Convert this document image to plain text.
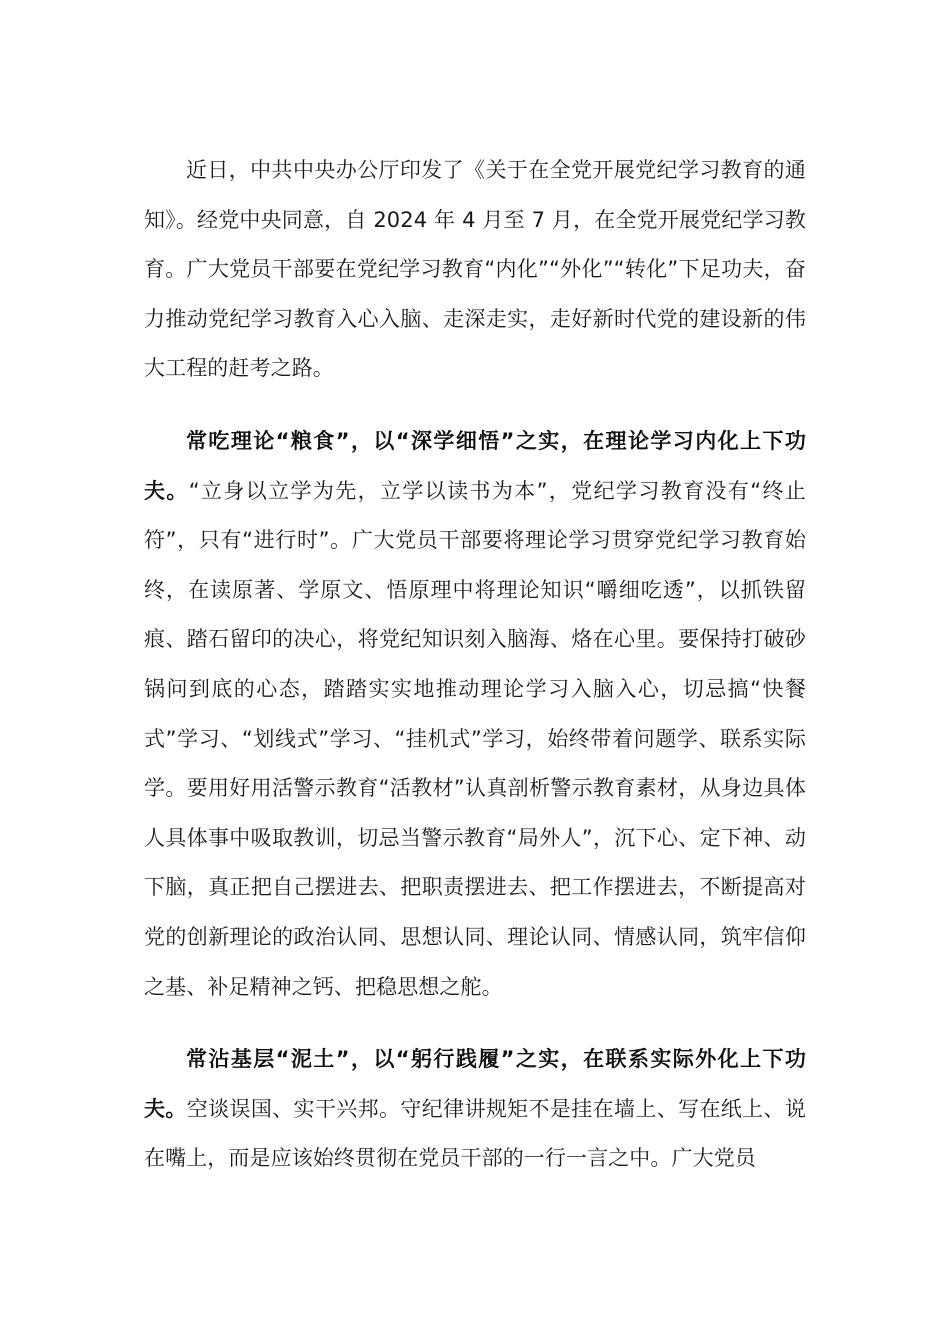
近日，中共中央办公厅印发了《关于在全党开展党纪学习教育的通知》。经党中央同意，自 2024 年 4 月至 7 月，在全党开展党纪学习教育。广大党员干部要在党纪学习教育“内化”“外化”“转化”下足功夫，奋力推动党纪学习教育入心入脑、走深走实，走好新时代党的建设新的伟大工程的赶考之路。

常吃理论“粮食”，以“深学细悟”之实，在理论学习内化上下功夫。“立身以立学为先，立学以读书为本”，党纪学习教育没有“终止符”，只有“进行时”。广大党员干部要将理论学习贯穿党纪学习教育始终，在读原著、学原文、悟原理中将理论知识“嚼细吃透”，以抓铁留痕、踏石留印的决心，将党纪知识刻入脑海、烙在心里。要保持打破砂锅问到底的心态，踏踏实实地推动理论学习入脑入心，切忌搞“快餐式”学习、“划线式”学习、“挂机式”学习，始终带着问题学、联系实际学。要用好用活警示教育“活教材”认真剖析警示教育素材，从身边具体人具体事中吸取教训，切忌当警示教育“局外人”，沉下心、定下神、动下脑，真正把自己摆进去、把职责摆进去、把工作摆进去，不断提高对党的创新理论的政治认同、思想认同、理论认同、情感认同，筑牢信仰之基、补足精神之钙、把稳思想之舵。

常沾基层“泥土”，以“躬行践履”之实，在联系实际外化上下功夫。空谈误国、实干兴邦。守纪律讲规矩不是挂在墙上、写在纸上、说在嘴上，而是应该始终贯彻在党员干部的一行一言之中。广大党员
